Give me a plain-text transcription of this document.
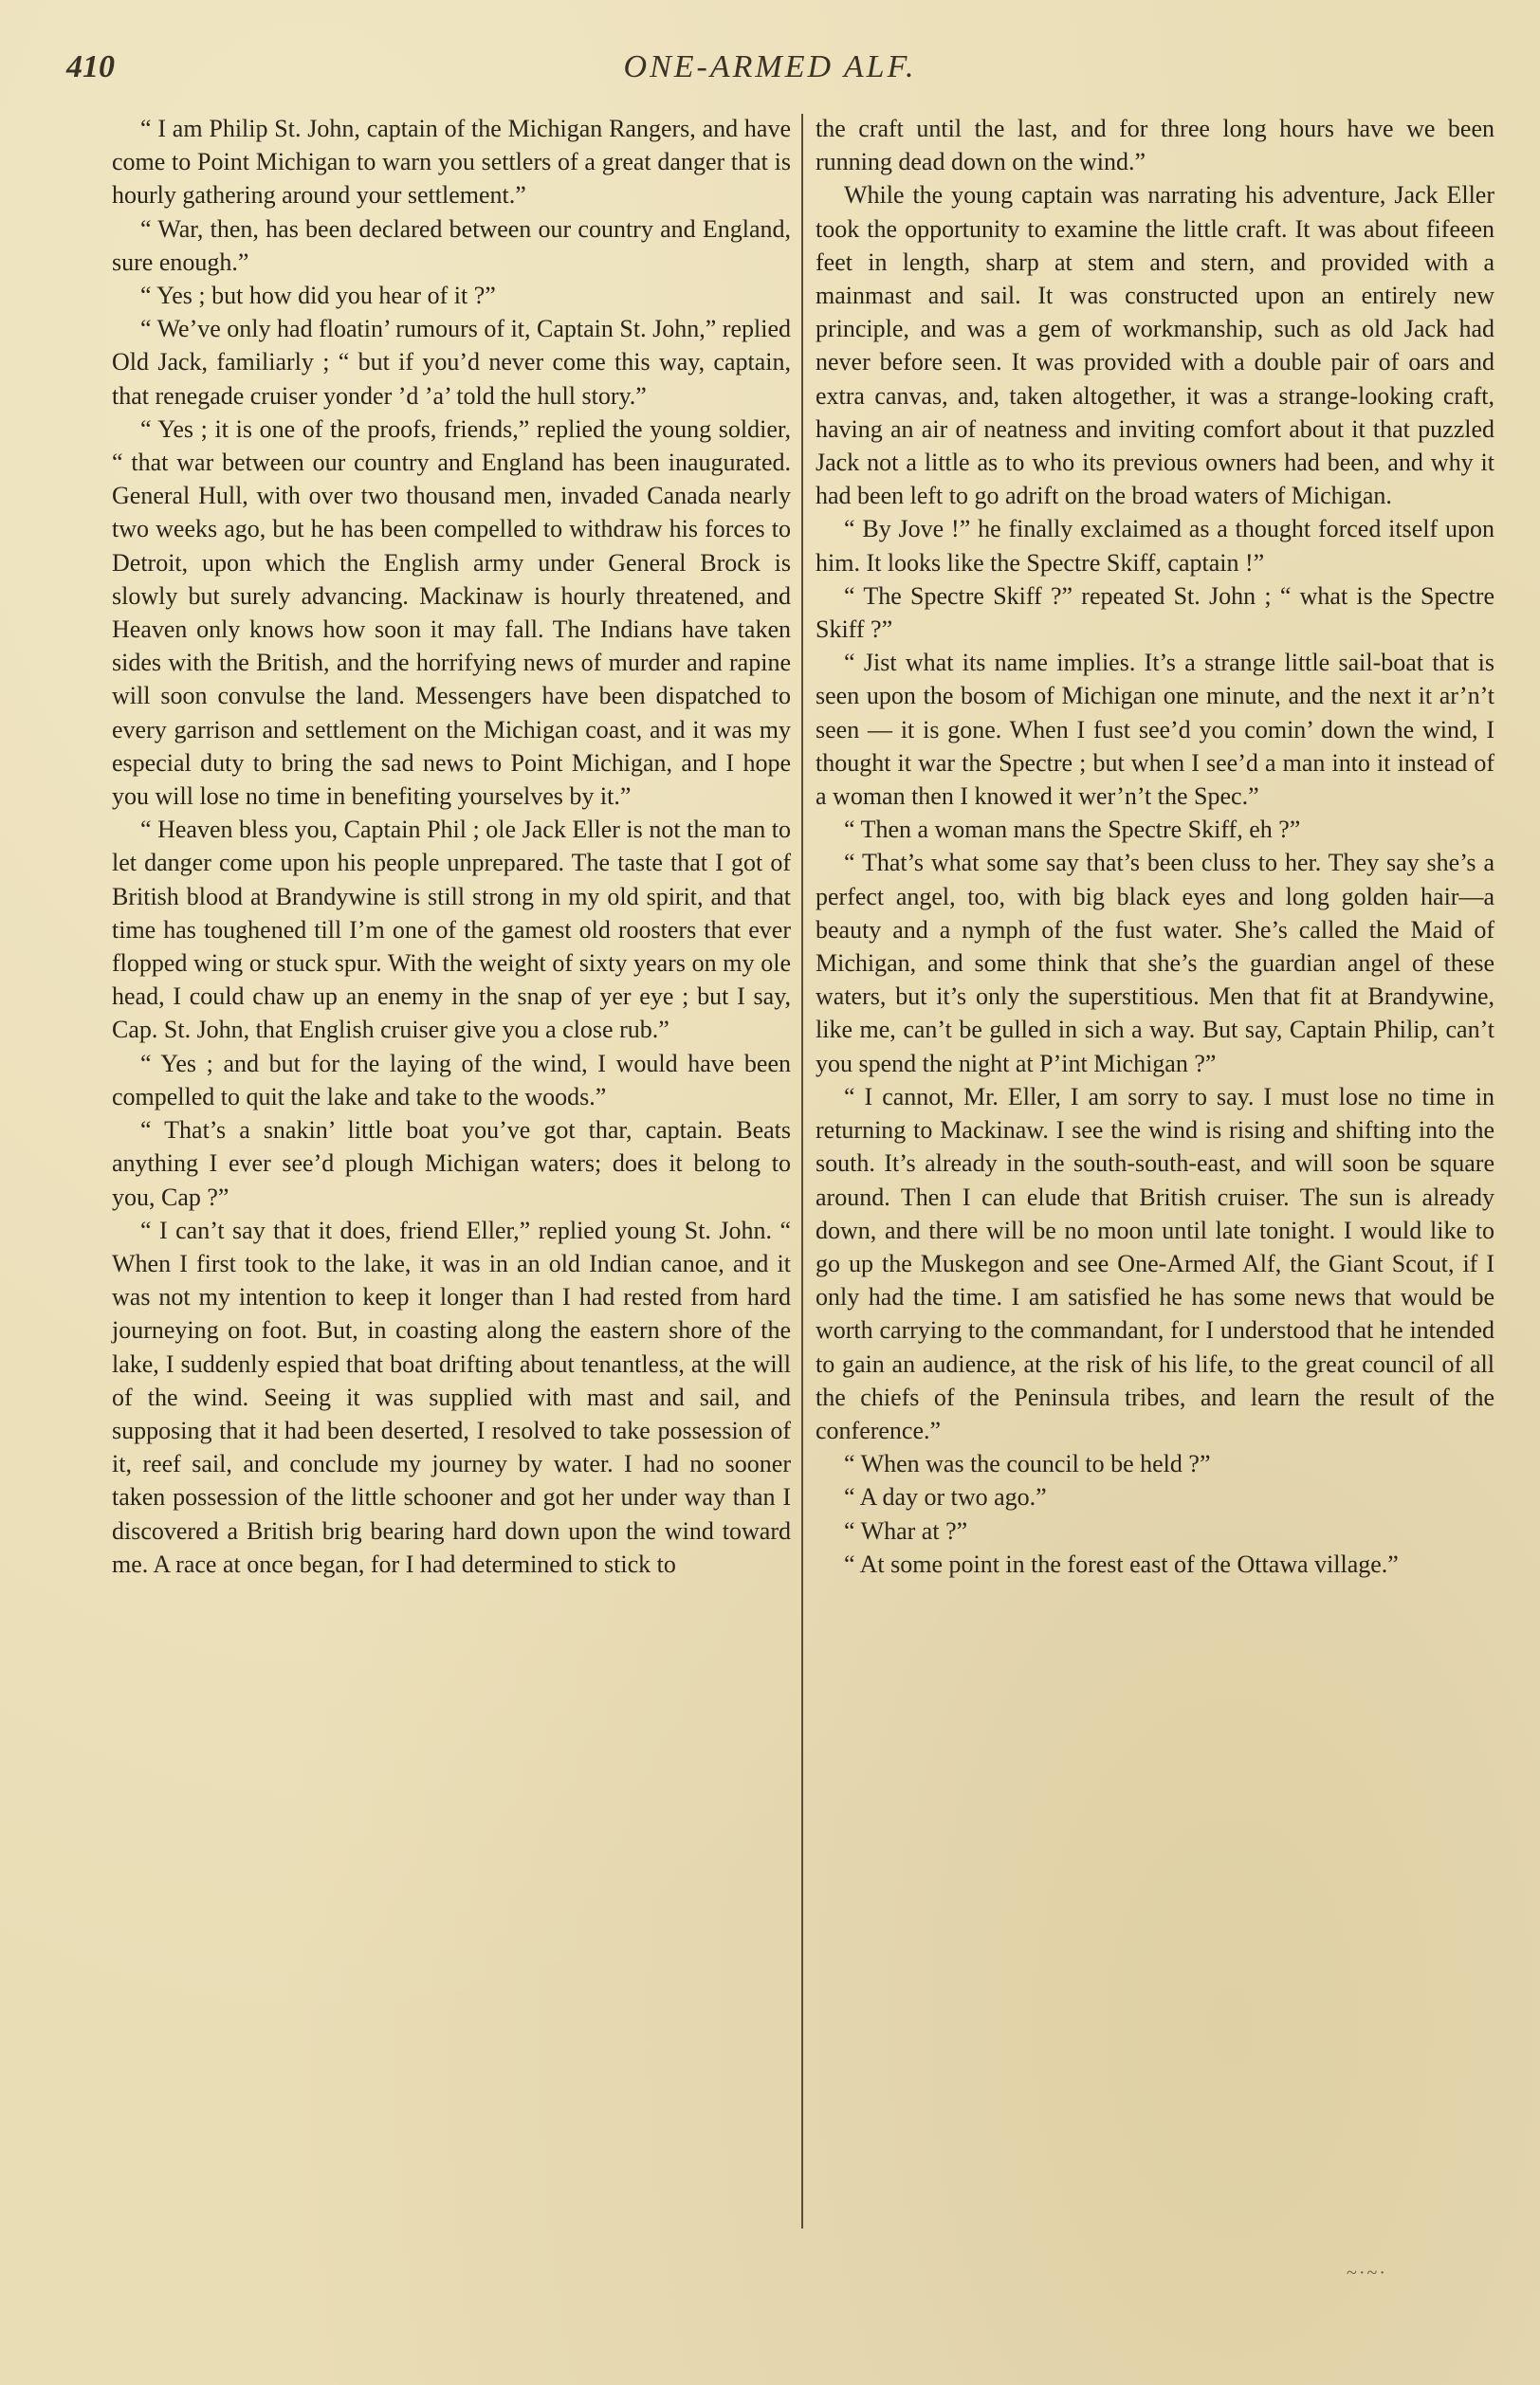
410	ONE-ARMED ALF.

“ I am Philip St. John, captain of the Michigan Rangers, and have come to Point Michigan to warn you settlers of a great danger that is hourly gathering around your settlement.”

“ War, then, has been declared between our country and England, sure enough.”

“ Yes ; but how did you hear of it ?”

“ We’ve only had floatin’ rumours of it, Captain St. John,” replied Old Jack, familiarly ; “ but if you’d never come this way, captain, that renegade cruiser yonder ’d ’a’ told the hull story.”

“ Yes ; it is one of the proofs, friends,” replied the young soldier, “ that war between our country and England has been inaugurated. General Hull, with over two thousand men, invaded Canada nearly two weeks ago, but he has been compelled to withdraw his forces to Detroit, upon which the English army under General Brock is slowly but surely advancing. Mackinaw is hourly threatened, and Heaven only knows how soon it may fall. The Indians have taken sides with the British, and the horrifying news of murder and rapine will soon convulse the land. Messengers have been dispatched to every garrison and settlement on the Michigan coast, and it was my especial duty to bring the sad news to Point Michigan, and I hope you will lose no time in benefiting yourselves by it.”

“ Heaven bless you, Captain Phil ; ole Jack Eller is not the man to let danger come upon his people unprepared. The taste that I got of British blood at Brandywine is still strong in my old spirit, and that time has toughened till I’m one of the gamest old roosters that ever flopped wing or stuck spur. With the weight of sixty years on my ole head, I could chaw up an enemy in the snap of yer eye ; but I say, Cap. St. John, that English cruiser give you a close rub.”

“ Yes ; and but for the laying of the wind, I would have been compelled to quit the lake and take to the woods.”

“ That’s a snakin’ little boat you’ve got thar, captain. Beats anything I ever see’d plough Michigan waters; does it belong to you, Cap ?”

“ I can’t say that it does, friend Eller,” replied young St. John. “ When I first took to the lake, it was in an old Indian canoe, and it was not my intention to keep it longer than I had rested from hard journeying on foot. But, in coasting along the eastern shore of the lake, I suddenly espied that boat drifting about tenantless, at the will of the wind. Seeing it was supplied with mast and sail, and supposing that it had been deserted, I resolved to take possession of it, reef sail, and conclude my journey by water. I had no sooner taken possession of the little schooner and got her under way than I discovered a British brig bearing hard down upon the wind toward me. A race at once began, for I had determined to stick to

the craft until the last, and for three long hours have we been running dead down on the wind.”

While the young captain was narrating his adventure, Jack Eller took the opportunity to examine the little craft. It was about fifeeen feet in length, sharp at stem and stern, and provided with a mainmast and sail. It was constructed upon an entirely new principle, and was a gem of workmanship, such as old Jack had never before seen. It was provided with a double pair of oars and extra canvas, and, taken altogether, it was a strange-looking craft, having an air of neatness and inviting comfort about it that puzzled Jack not a little as to who its previous owners had been, and why it had been left to go adrift on the broad waters of Michigan.

“ By Jove !” he finally exclaimed as a thought forced itself upon him. It looks like the Spectre Skiff, captain !”

“ The Spectre Skiff ?” repeated St. John ; “ what is the Spectre Skiff ?”

“ Jist what its name implies. It’s a strange little sail-boat that is seen upon the bosom of Michigan one minute, and the next it ar’n’t seen — it is gone. When I fust see’d you comin’ down the wind, I thought it war the Spectre ; but when I see’d a man into it instead of a woman then I knowed it wer’n’t the Spec.”

“ Then a woman mans the Spectre Skiff, eh ?”

“ That’s what some say that’s been cluss to her. They say she’s a perfect angel, too, with big black eyes and long golden hair—a beauty and a nymph of the fust water. She’s called the Maid of Michigan, and some think that she’s the guardian angel of these waters, but it’s only the superstitious. Men that fit at Brandywine, like me, can’t be gulled in sich a way. But say, Captain Philip, can’t you spend the night at P’int Michigan ?”

“ I cannot, Mr. Eller, I am sorry to say. I must lose no time in returning to Mackinaw. I see the wind is rising and shifting into the south. It’s already in the south-south-east, and will soon be square around. Then I can elude that British cruiser. The sun is already down, and there will be no moon until late tonight. I would like to go up the Muskegon and see One-Armed Alf, the Giant Scout, if I only had the time. I am satisfied he has some news that would be worth carrying to the commandant, for I understood that he intended to gain an audience, at the risk of his life, to the great council of all the chiefs of the Peninsula tribes, and learn the result of the conference.”

“ When was the council to be held ?”

“ A day or two ago.”

“ Whar at ?”

“ At some point in the forest east of the Ottawa village.”

~·~·
